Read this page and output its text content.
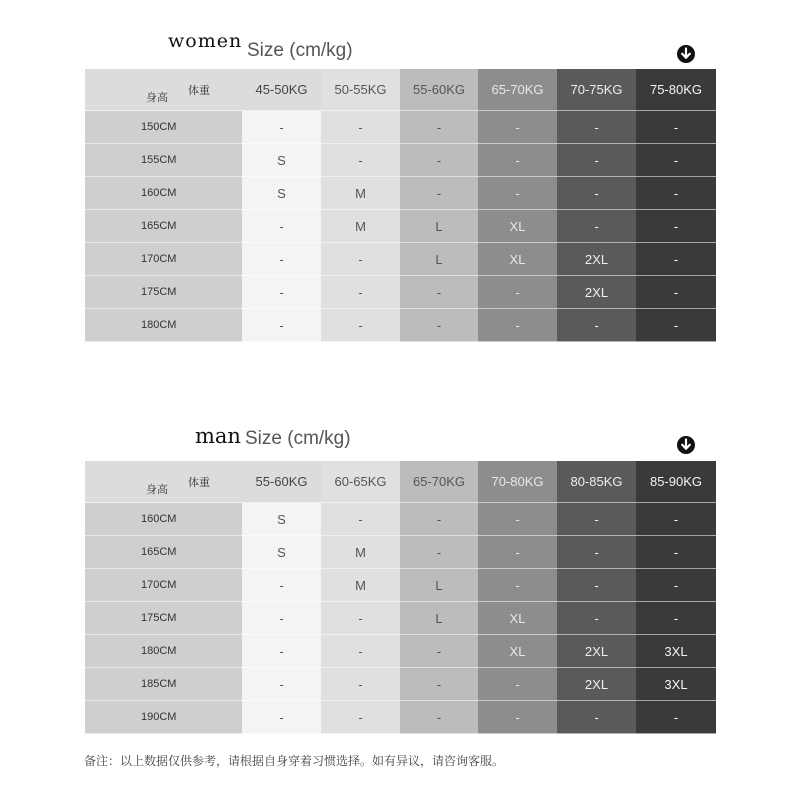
women Size (cm/kg)
身高
体重	45-50KG	50-55KG	55-60KG	65-70KG	70-75KG	75-80KG
150CM	-	-	-	-	-	-
155CM	S	-	-	-	-	-
160CM	S	M	-	-	-	-
165CM	-	M	L	XL	-	-
170CM	-	-	L	XL	2XL	-
175CM	-	-	-	-	2XL	-
180CM	-	-	-	-	-	-
man Size (cm/kg)
身高
体重	55-60KG	60-65KG	65-70KG	70-80KG	80-85KG	85-90KG
160CM	S	-	-	-	-	-
165CM	S	M	-	-	-	-
170CM	-	M	L	-	-	-
175CM	-	-	L	XL	-	-
180CM	-	-	-	XL	2XL	3XL
185CM	-	-	-	-	2XL	3XL
190CM	-	-	-	-	-	-
备注：以上数据仅供参考，请根据自身穿着习惯选择。如有异议，请咨询客服。
